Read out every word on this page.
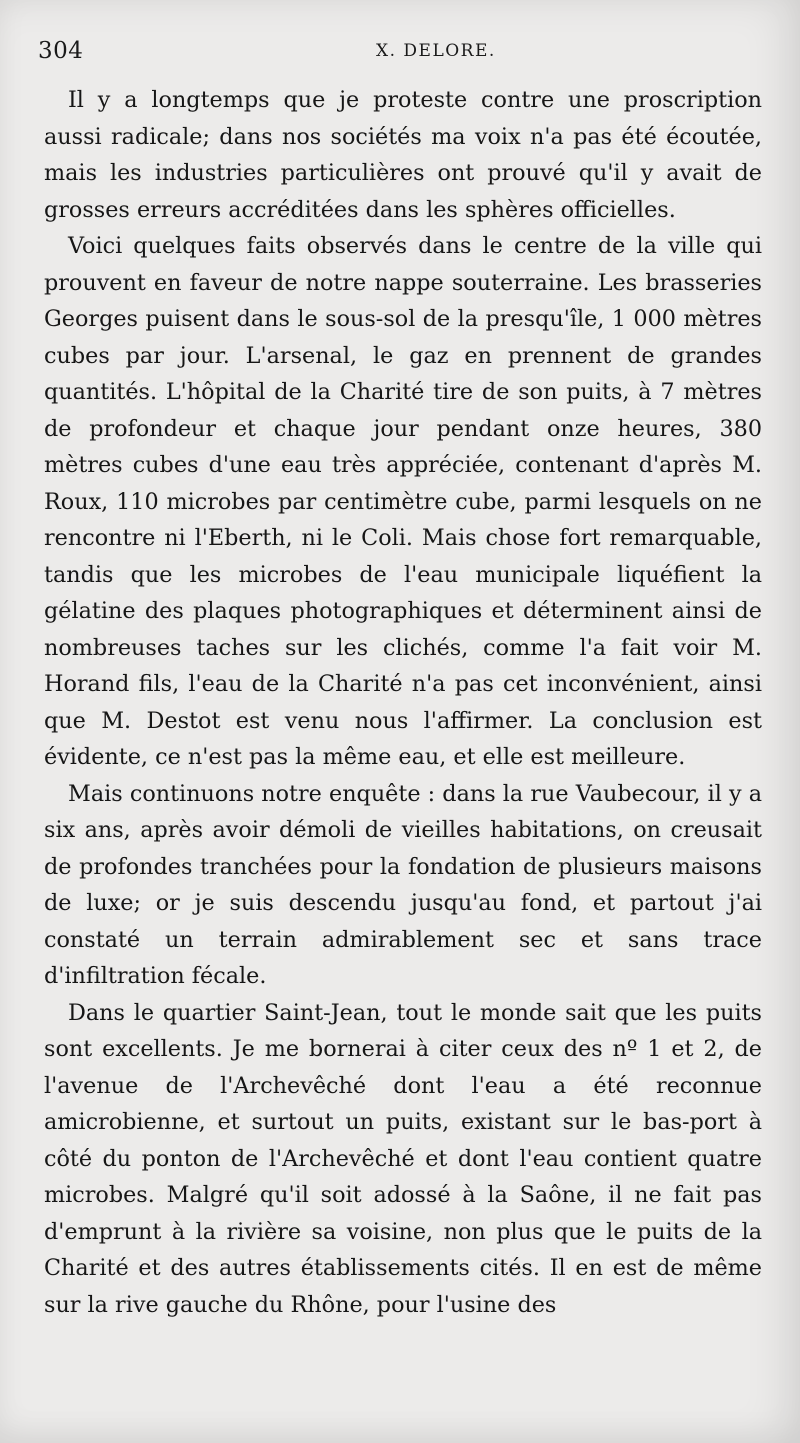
304	X. DELORE.

Il y a longtemps que je proteste contre une proscription aussi radicale; dans nos sociétés ma voix n'a pas été écoutée, mais les industries particulières ont prouvé qu'il y avait de grosses erreurs accréditées dans les sphères officielles.

Voici quelques faits observés dans le centre de la ville qui prouvent en faveur de notre nappe souterraine. Les brasseries Georges puisent dans le sous-sol de la presqu'île, 1 000 mètres cubes par jour. L'arsenal, le gaz en prennent de grandes quantités. L'hôpital de la Charité tire de son puits, à 7 mètres de profondeur et chaque jour pendant onze heures, 380 mètres cubes d'une eau très appréciée, contenant d'après M. Roux, 110 microbes par centimètre cube, parmi lesquels on ne rencontre ni l'Eberth, ni le Coli. Mais chose fort remarquable, tandis que les microbes de l'eau municipale liquéfient la gélatine des plaques photographiques et déterminent ainsi de nombreuses taches sur les clichés, comme l'a fait voir M. Horand fils, l'eau de la Charité n'a pas cet inconvénient, ainsi que M. Destot est venu nous l'affirmer. La conclusion est évidente, ce n'est pas la même eau, et elle est meilleure.

Mais continuons notre enquête : dans la rue Vaubecour, il y a six ans, après avoir démoli de vieilles habitations, on creusait de profondes tranchées pour la fondation de plusieurs maisons de luxe; or je suis descendu jusqu'au fond, et partout j'ai constaté un terrain admirablement sec et sans trace d'infiltration fécale.

Dans le quartier Saint-Jean, tout le monde sait que les puits sont excellents. Je me bornerai à citer ceux des nº 1 et 2, de l'avenue de l'Archevêché dont l'eau a été reconnue amicrobienne, et surtout un puits, existant sur le bas-port à côté du ponton de l'Archevêché et dont l'eau contient quatre microbes. Malgré qu'il soit adossé à la Saône, il ne fait pas d'emprunt à la rivière sa voisine, non plus que le puits de la Charité et des autres établissements cités. Il en est de même sur la rive gauche du Rhône, pour l'usine des
